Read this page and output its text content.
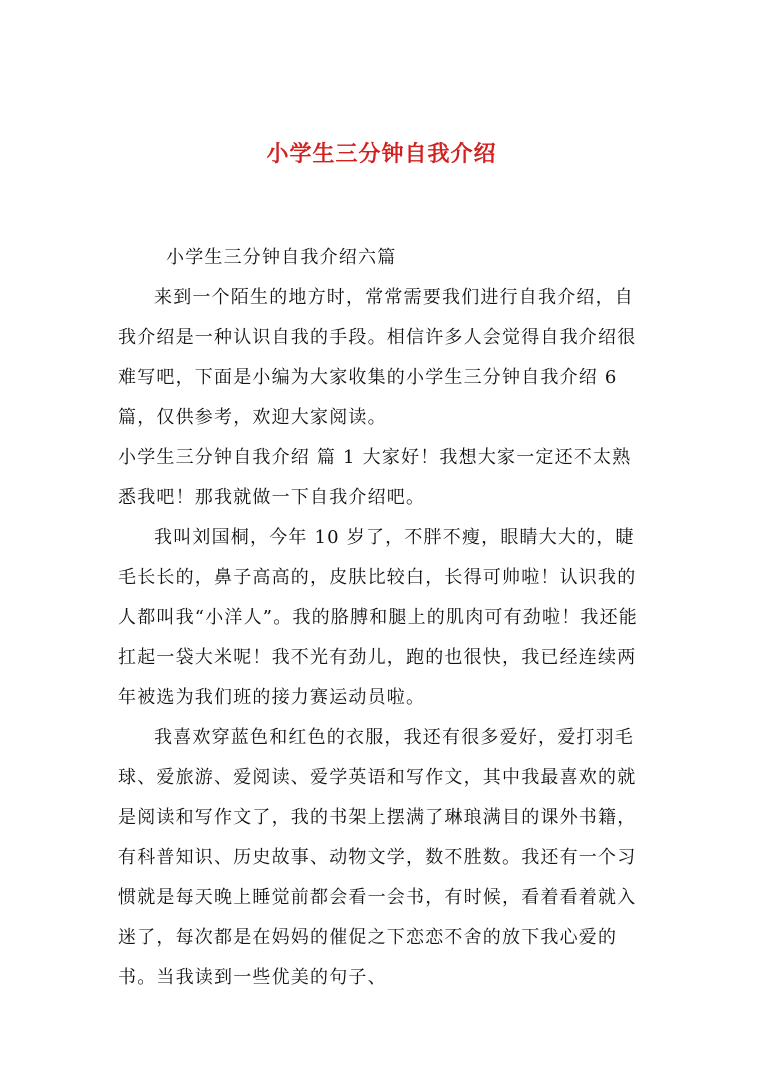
小学生三分钟自我介绍

小学生三分钟自我介绍六篇

来到一个陌生的地方时，常常需要我们进行自我介绍，自我介绍是一种认识自我的手段。相信许多人会觉得自我介绍很难写吧，下面是小编为大家收集的小学生三分钟自我介绍 6 篇，仅供参考，欢迎大家阅读。

小学生三分钟自我介绍 篇 1 大家好！我想大家一定还不太熟悉我吧！那我就做一下自我介绍吧。

我叫刘国桐，今年 10 岁了，不胖不瘦，眼睛大大的，睫毛长长的，鼻子高高的，皮肤比较白，长得可帅啦！认识我的人都叫我“小洋人”。我的胳膊和腿上的肌肉可有劲啦！我还能扛起一袋大米呢！我不光有劲儿，跑的也很快，我已经连续两年被选为我们班的接力赛运动员啦。

我喜欢穿蓝色和红色的衣服，我还有很多爱好，爱打羽毛球、爱旅游、爱阅读、爱学英语和写作文，其中我最喜欢的就是阅读和写作文了，我的书架上摆满了琳琅满目的课外书籍，有科普知识、历史故事、动物文学，数不胜数。我还有一个习惯就是每天晚上睡觉前都会看一会书，有时候，看着看着就入迷了，每次都是在妈妈的催促之下恋恋不舍的放下我心爱的书。当我读到一些优美的句子、
